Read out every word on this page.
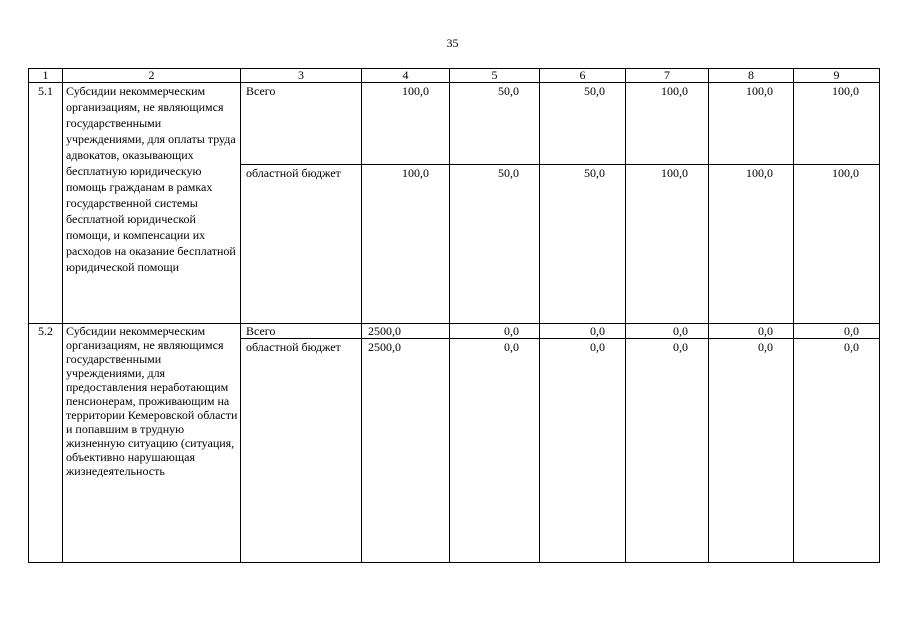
35
1	2	3	4	5	6	7	8	9
5.1	Субсидии некоммерческим организациям, не являющимся государственными учреждениями, для оплаты труда адвокатов, оказывающих бесплатную юридическую помощь гражданам в рамках государственной системы бесплатной юридической помощи, и компенсации их расходов на оказание бесплатной юридической помощи	Всего	100,0	50,0	50,0	100,0	100,0	100,0
		областной бюджет	100,0	50,0	50,0	100,0	100,0	100,0
5.2	Субсидии некоммерческим организациям, не являющимся государственными учреждениями, для предоставления неработающим пенсионерам, проживающим на территории Кемеровской области и попавшим в трудную жизненную ситуацию (ситуация, объективно нарушающая жизнедеятельность	Всего	2500,0	0,0	0,0	0,0	0,0	0,0
		областной бюджет	2500,0	0,0	0,0	0,0	0,0	0,0
